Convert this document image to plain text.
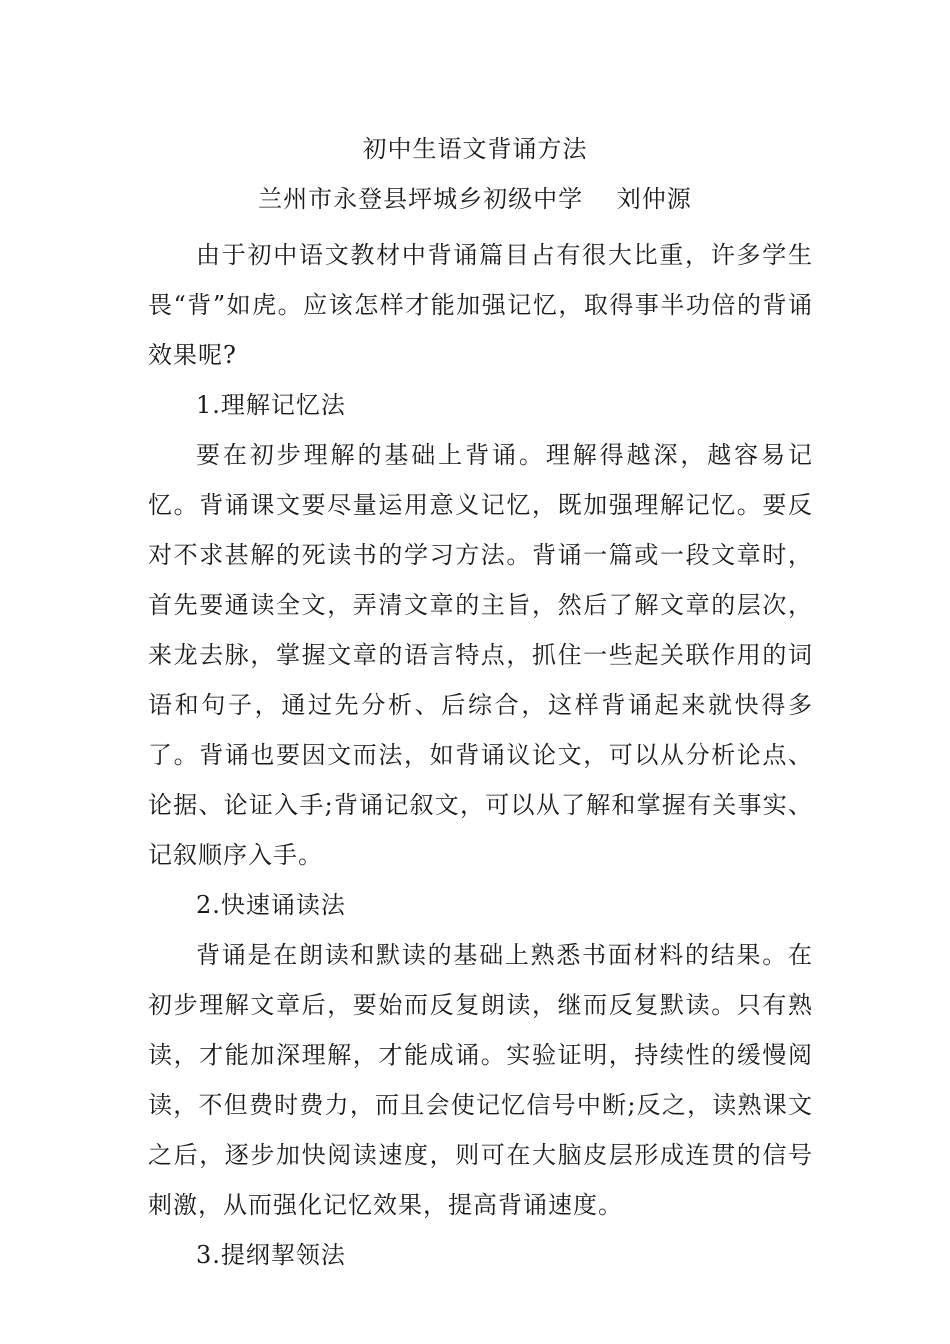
初中生语文背诵方法
兰州市永登县坪城乡初级中学　 刘仲源

由于初中语文教材中背诵篇目占有很大比重，许多学生畏“背”如虎。应该怎样才能加强记忆，取得事半功倍的背诵效果呢?

1.理解记忆法

要在初步理解的基础上背诵。理解得越深，越容易记忆。背诵课文要尽量运用意义记忆，既加强理解记忆。要反对不求甚解的死读书的学习方法。背诵一篇或一段文章时，首先要通读全文，弄清文章的主旨，然后了解文章的层次，来龙去脉，掌握文章的语言特点，抓住一些起关联作用的词语和句子，通过先分析、后综合，这样背诵起来就快得多了。背诵也要因文而法，如背诵议论文，可以从分析论点、论据、论证入手;背诵记叙文，可以从了解和掌握有关事实、记叙顺序入手。

2.快速诵读法

背诵是在朗读和默读的基础上熟悉书面材料的结果。在初步理解文章后，要始而反复朗读，继而反复默读。只有熟读，才能加深理解，才能成诵。实验证明，持续性的缓慢阅读，不但费时费力，而且会使记忆信号中断;反之，读熟课文之后，逐步加快阅读速度，则可在大脑皮层形成连贯的信号刺激，从而强化记忆效果，提高背诵速度。

3.提纲挈领法
